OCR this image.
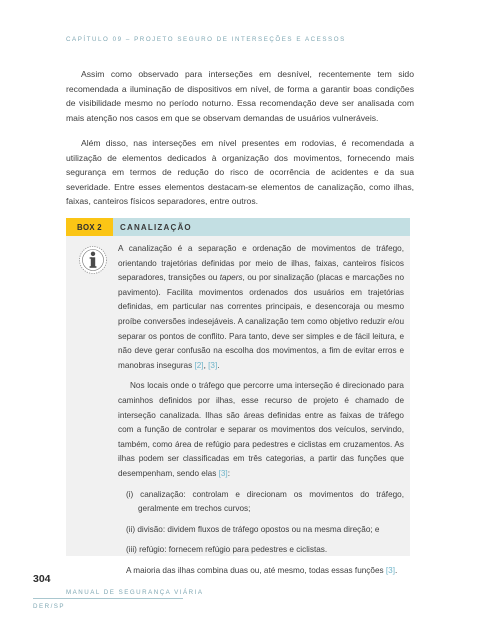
CAPÍTULO 09 – PROJETO SEGURO DE INTERSEÇÕES E ACESSOS

Assim como observado para interseções em desnível, recentemente tem sido recomendada a iluminação de dispositivos em nível, de forma a garantir boas condições de visibilidade mesmo no período noturno. Essa recomendação deve ser analisada com mais atenção nos casos em que se observam demandas de usuários vulneráveis.

Além disso, nas interseções em nível presentes em rodovias, é recomendada a utilização de elementos dedicados à organização dos movimentos, fornecendo mais segurança em termos de redução do risco de ocorrência de acidentes e da sua severidade. Entre esses elementos destacam-se elementos de canalização, como ilhas, faixas, canteiros físicos separadores, entre outros.

BOX 2	CANALIZAÇÃO

A canalização é a separação e ordenação de movimentos de tráfego, orientando trajetórias definidas por meio de ilhas, faixas, canteiros físicos separadores, transições ou tapers, ou por sinalização (placas e marcações no pavimento). Facilita movimentos ordenados dos usuários em trajetórias definidas, em particular nas correntes principais, e desencoraja ou mesmo proíbe conversões indesejáveis. A canalização tem como objetivo reduzir e/ou separar os pontos de conflito. Para tanto, deve ser simples e de fácil leitura, e não deve gerar confusão na escolha dos movimentos, a fim de evitar erros e manobras inseguras [2], [3].

Nos locais onde o tráfego que percorre uma interseção é direcionado para caminhos definidos por ilhas, esse recurso de projeto é chamado de interseção canalizada. Ilhas são áreas definidas entre as faixas de tráfego com a função de controlar e separar os movimentos dos veículos, servindo, também, como área de refúgio para pedestres e ciclistas em cruzamentos. As ilhas podem ser classificadas em três categorias, a partir das funções que desempenham, sendo elas [3]:

(i) canalização: controlam e direcionam os movimentos do tráfego, geralmente em trechos curvos;
(ii) divisão: dividem fluxos de tráfego opostos ou na mesma direção; e
(iii) refúgio: fornecem refúgio para pedestres e ciclistas.

A maioria das ilhas combina duas ou, até mesmo, todas essas funções [3].

304
MANUAL DE SEGURANÇA VIÁRIA
DER/SP
